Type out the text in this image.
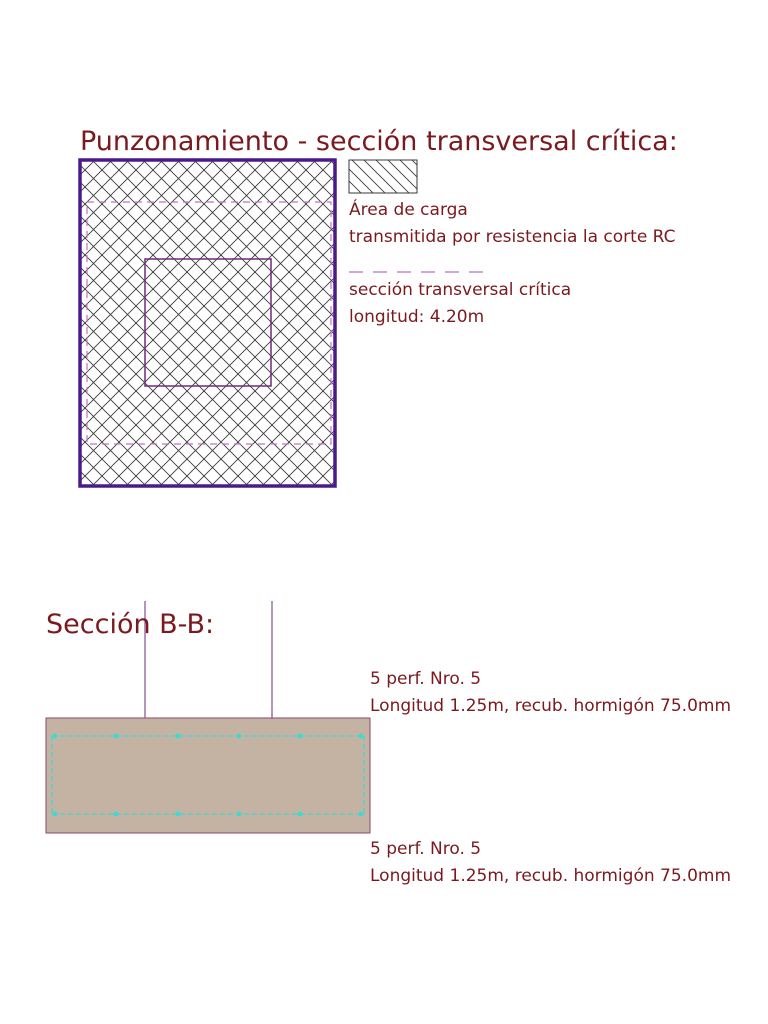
Punzonamiento - sección transversal crítica:
Área de carga
transmitida por resistencia la corte RC
sección transversal crítica
longitud: 4.20m
Sección B-B:
5 perf. Nro. 5
Longitud 1.25m, recub. hormigón 75.0mm
5 perf. Nro. 5
Longitud 1.25m, recub. hormigón 75.0mm
